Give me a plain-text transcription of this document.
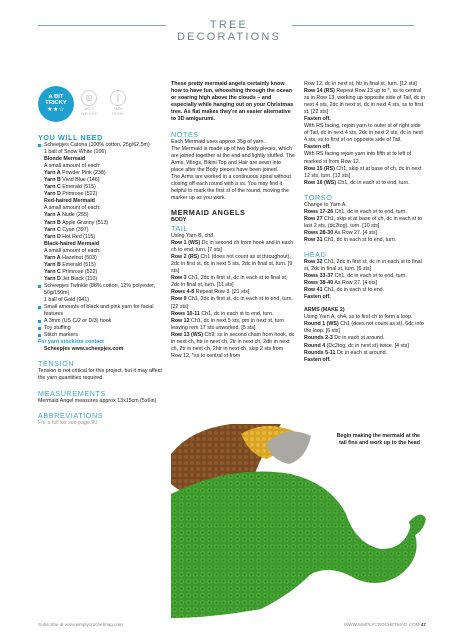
TREE DECORATIONS
A BIT
TRICKY
★★☆
◎
4PLY
WEIGHT
∫
3MM
HOOK
YOU WILL NEED
Scheepjes Catona (100% cotton, 25g/62.5m)
1 ball of Snow White (106)
Blonde Mermaid
A small amount of each:
Yarn A Powder Pink (238)
Yarn B Vivid Blue (146)
Yarn C Emerald (515)
Yarn D Primrose (522)
Red-haired Mermaid
A small amount of each:
Yarn A Nude (255)
Yarn B Apple Granny (513)
Yarn C Cyan (397)
Yarn D Hot Red (115)
Black-haired Mermaid
A small amount of each:
Yarn A Hazelnut (503)
Yarn B Emerald (515)
Yarn C Primrose (522)
Yarn D Jet Black (110)
Scheepjes Twinkle (88% cotton, 12% polyester, 50g/150m)
1 ball of Gold (941)
Small amounts of black and pink yarn for facial features
A 3mm (US C/2 or D/3) hook
Toy stuffing
Stitch markers
For yarn stockists contact
Scheepjes www.scheepjes.com
TENSION

Tension is not critical for this project, but it may affect the yarn quantities required

MEASUREMENTS

Mermaid Angel measures approx 13x15cm (5x6in)

ABBREVIATIONS

For a full list see page 90

These pretty mermaid angels certainly know how to have fun, whooshing through the ocean or soaring high above the clouds – and especially while hanging out on your Christmas tree. As flat makes they're an easier alternative to 3D amigurumi.

NOTES

Each Mermaid uses approx 35g of yarn.

The Mermaid is made up of two Body pieces, which are joined together at the end and lightly stuffed. The Arms, Wings, Bikini Top and Hair are sewn into place after the Body pieces have been joined.

The Arms are worked in a continuous spiral without closing off each round with a ss. You may find it helpful to mark the first st of the round, moving the marker up as you work.

MERMAID ANGELS
BODY
TAIL

Using Yarn B, ch8.

Row 1 (WS) Dc in second ch from hook and in each ch to end, turn. [7 sts]

Row 2 (RS) Ch1 (does not count as st throughout), 2dc in first st, dc in next 5 sts, 2dc in final st, turn. [9 sts]

Row 3 Ch1, 2dc in first st, dc in each st to final st, 2dc in final st, turn. [11 sts]

Rows 4-8 Repeat Row 3. [21 sts]

Row 9 Ch1, 2dc in first st, dc in each st to end, turn. [22 sts]

Rows 10-11 Ch1, dc in each st to end, turn.

Row 12 Ch1, dc in next 5 sts, pm in next st, turn leaving rem 17 sts unworked. [5 sts]

Row 13 (WS) Ch9; ss in second chain from hook, dc in next ch, htr in next ch, 2tr in next ch, 2dtr in next ch, 2tr in next ch, 2htr in next ch, skip 2 sts from Row 12, *ss to central st from

Row 12, dc in next st, htr in final st, turn. [12 sts]

Row 14 (RS) Repeat Row 13 up to *, ss to central ss in Row 13, working up opposite side of Tail, dc in next 4 sts, 2dc in next st, dc in next 4 sts, ss to first st. [22 sts]

Fasten off.

With RS facing, rejoin yarn to outer st of right side of Tail, dc in next 4 sts, 2dc in next 2 sts, dc in next 4 sts, ss to first st on opposite side of Tail.

Fasten off.

With RS facing rejoin yarn into fifth st to left of marked st from Row 12.

Row 15 (RS) Ch1, skip st at base of ch, dc in next 12 sts, turn. [12 sts]

Row 16 (WS) Ch1, dc in each st to end, turn.

TORSO

Change to Yarn A.

Rows 17-26 Ch1, dc in each st to end, turn.

Row 27 Ch1, skip st at base of ch, dc in each st to last 2 sts, (dc2tog), turn. [10 sts]

Rows 28-30 As Row 27. [4 sts]

Row 31 Ch1, dc in each st to end, turn.

HEAD

Row 32 Ch1, 2dc in first st, dc in in each st to final st, 2dc in final st, turn. [6 sts]

Rows 33-37 Ch1, dc in each st to end, turn.

Rows 38-40 As Row 27. [4 sts]

Row 41 Ch1, dc in each st to end.

Fasten off.

ARMS (MAKE 2)

Using Yarn A, ch4, ss to first ch to form a loop.

Round 1 (WS) Ch1 (does not count as st), 6dc into the loop. [6 sts]

Rounds 2-3 Dc in each st around.

Round 4 (Dc2tog, dc in next st) twice. [4 sts]

Rounds 5-11 Dc in each st around.

Fasten off.

Begin making the mermaid at the tail fins and work up to the head
Subscribe at www.simplycrochetmag.com	WWW.SIMPLYCROCHETMAG.COM 47
